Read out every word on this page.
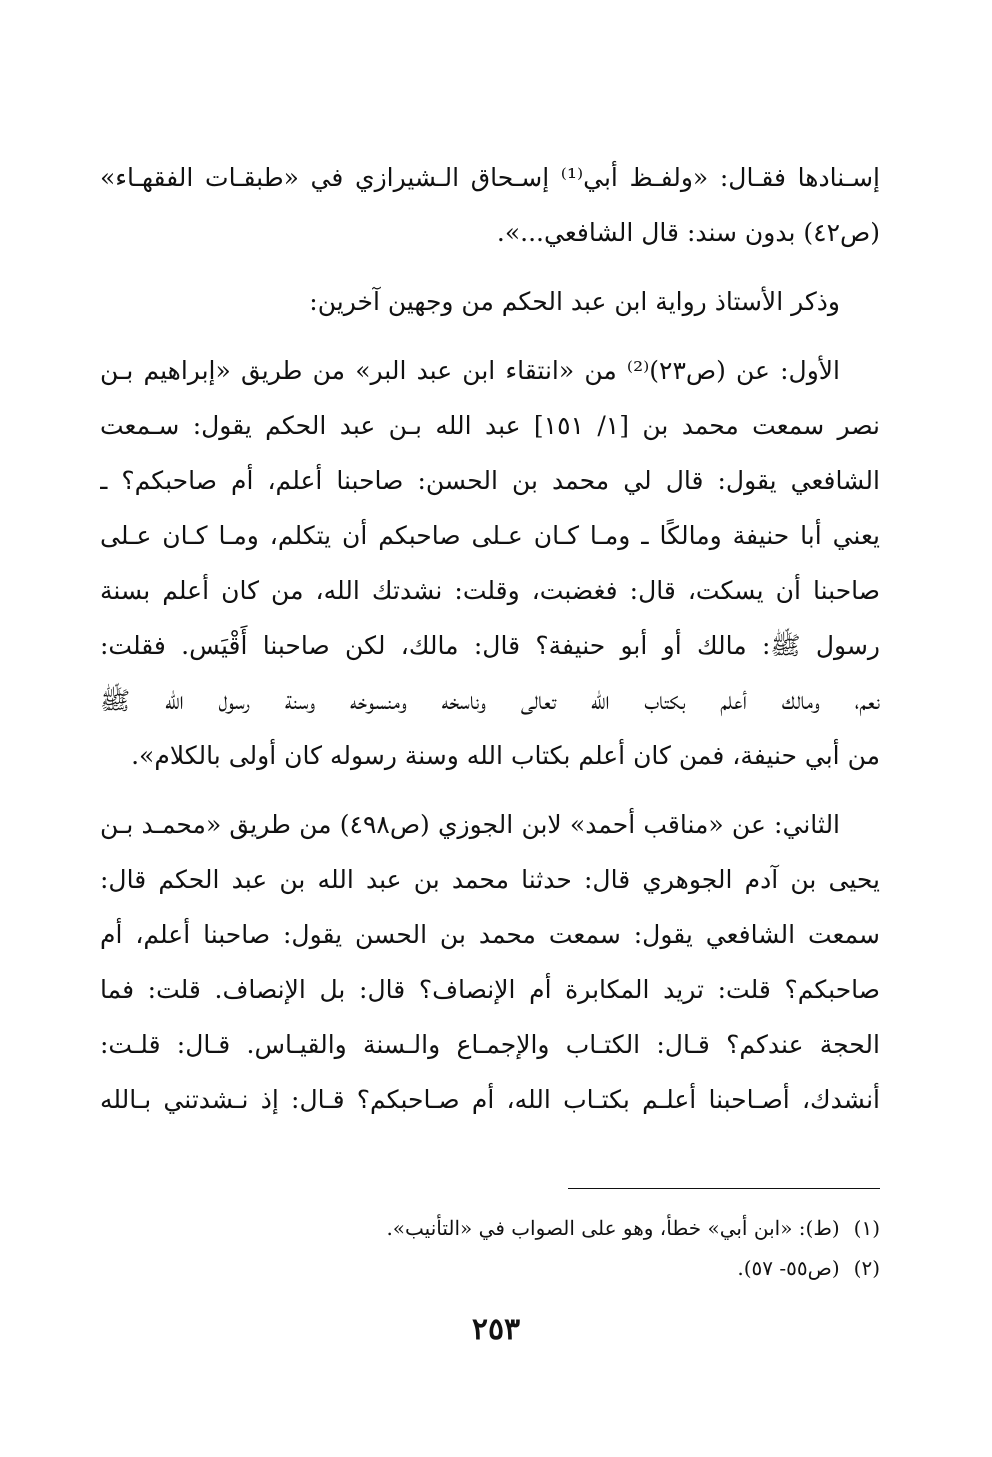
إسـنادها فقـال: «ولفـظ أبي⁽¹⁾ إسـحاق الـشيرازي في «طبقـات الفقهـاء»
(ص٤٢) بدون سند: قال الشافعي...».
وذكر الأستاذ رواية ابن عبد الحكم من وجهين آخرين:
الأول: عن (ص٢٣)⁽²⁾ من «انتقاء ابن عبد البر» من طريق «إبراهيم بـن
نصر سمعت محمد بن [١/ ١٥١] عبد الله بـن عبد الحكم يقول: سـمعت
الشافعي يقول: قال لي محمد بن الحسن: صاحبنا أعلم، أم صاحبكم؟ ـ
يعني أبا حنيفة ومالكًا ـ ومـا كـان عـلى صاحبكم أن يتكلم، ومـا كـان عـلى
صاحبنا أن يسكت، قال: فغضبت، وقلت: نشدتك الله، من كان أعلم بسنة
رسول ﷺ: مالك أو أبو حنيفة؟ قال: مالك، لكن صاحبنا أَقْيَس. فقلت:
نعم، ومالك أعلم بكتاب الله تعالى وناسخه ومنسوخه وسنة رسول الله ﷺ
من أبي حنيفة، فمن كان أعلم بكتاب الله وسنة رسوله كان أولى بالكلام».
الثاني: عن «مناقب أحمد» لابن الجوزي (ص٤٩٨) من طريق «محمـد بـن
يحيى بن آدم الجوهري قال: حدثنا محمد بن عبد الله بن عبد الحكم قال:
سمعت الشافعي يقول: سمعت محمد بن الحسن يقول: صاحبنا أعلم، أم
صاحبكم؟ قلت: تريد المكابرة أم الإنصاف؟ قال: بل الإنصاف. قلت: فما
الحجة عندكم؟ قـال: الكتـاب والإجمـاع والـسنة والقيـاس. قـال: قلـت:
أنشدك، أصـاحبنا أعلـم بكتـاب الله، أم صـاحبكم؟ قـال: إذ نـشدتني بـالله
(١)(ط): «ابن أبي» خطأ، وهو على الصواب في «التأنيب».
(٢)(ص٥٥- ٥٧).
٢٥٣
